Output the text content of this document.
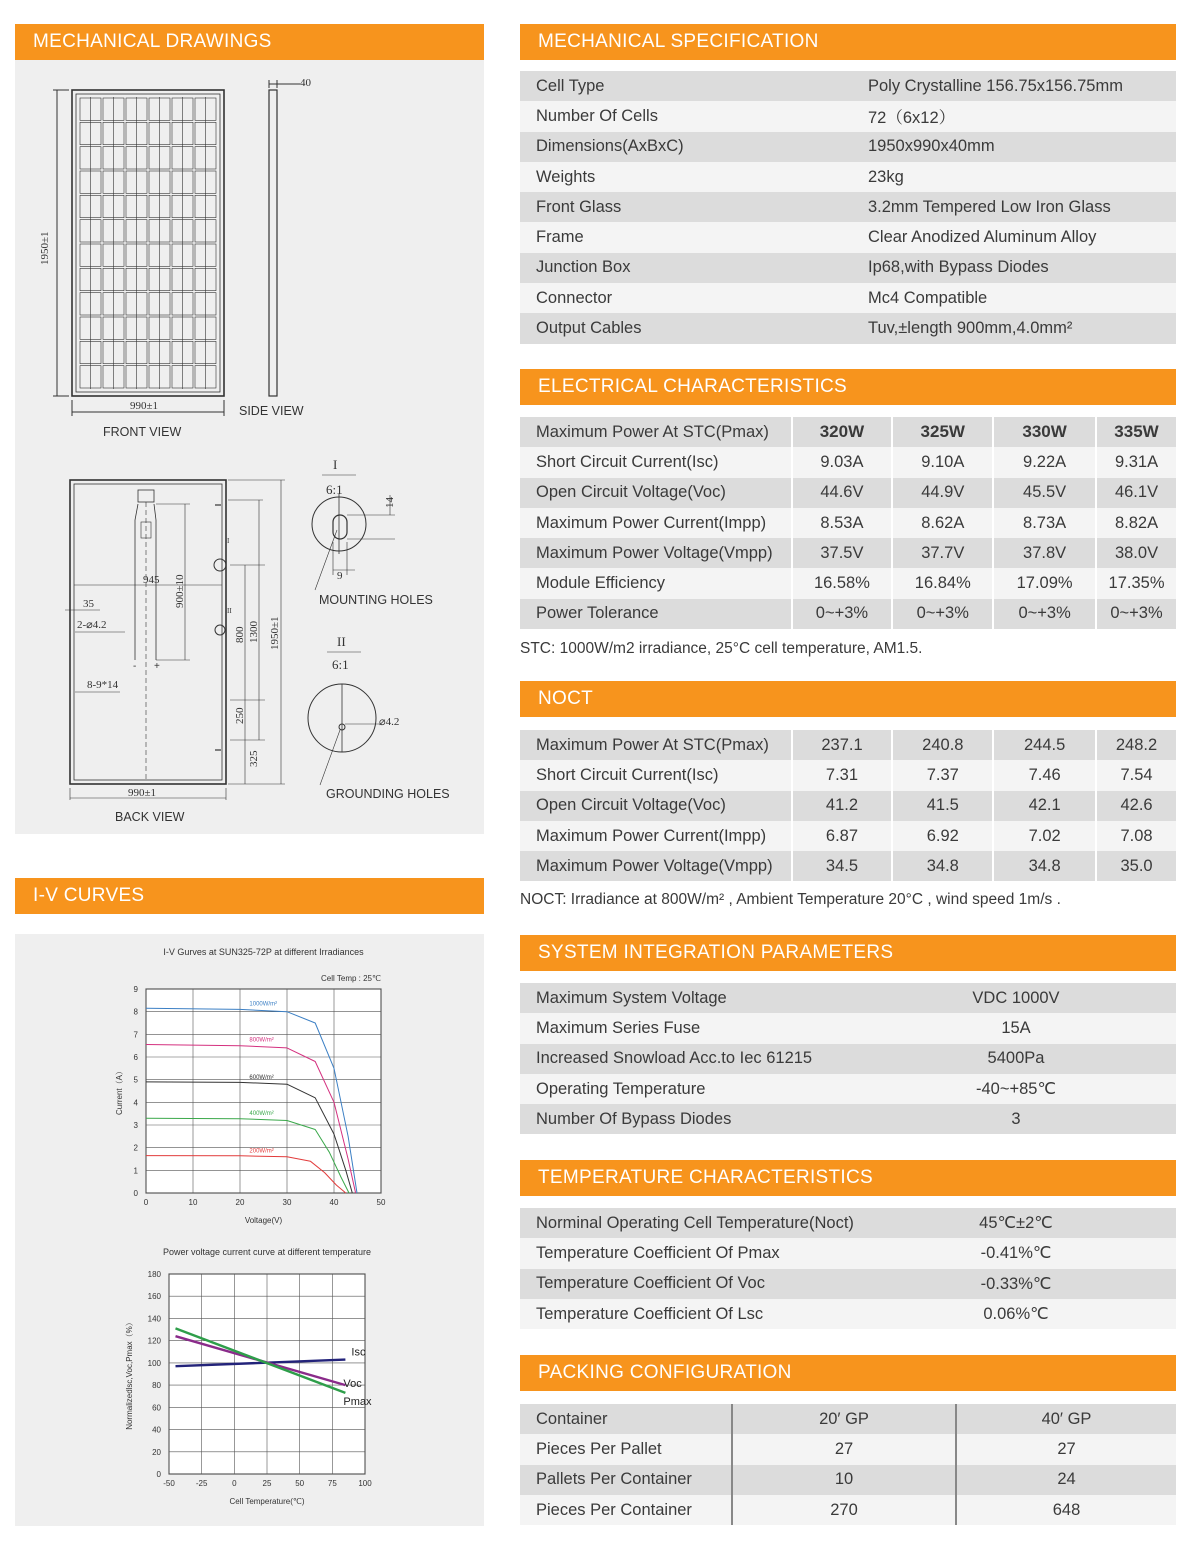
MECHANICAL DRAWINGS
40
1950±1
990±1	SIDE VIEW
FRONT VIEW
945 900±10
35
2-⌀4.2
8-9*14
800 1300 1950±1
250
325
I
II
- +
990±1
BACK VIEW
I
6:1
14
9
MOUNTING HOLES
II
6:1
⌀4.2
GROUNDING HOLES
I-V CURVES
I-V Gurves at SUN325-72P at different Irradiances
Cell Temp : 25℃
0	10	20	30	40	50
0
1
2
3
4
5
6
7
8
9
Voltage(V)
Current（A）
1000W/m²
800W/m²
600W/m²
400W/m²
200W/m²
Power voltage current curve at different temperature
-50	-25	0	25	50	75	100
0
20
40
60
80
100
120
140
160
180
Cell Temperature(℃)
Normalizedlsc,Voc,Pmax（%）	Isc
Voc
Pmax
MECHANICAL SPECIFICATION
Cell Type	Poly Crystalline 156.75x156.75mm
Number Of Cells	72（6x12）
Dimensions(AxBxC)	1950x990x40mm
Weights	23kg
Front Glass	3.2mm Tempered Low Iron Glass
Frame	Clear Anodized Aluminum Alloy
Junction Box	Ip68,with Bypass Diodes
Connector	Mc4 Compatible
Output Cables	Tuv,±length 900mm,4.0mm²
ELECTRICAL CHARACTERISTICS
Maximum Power At STC(Pmax)	320W	325W	330W	335W
Short Circuit Current(Isc)	9.03A	9.10A	9.22A	9.31A
Open Circuit Voltage(Voc)	44.6V	44.9V	45.5V	46.1V
Maximum Power Current(Impp)	8.53A	8.62A	8.73A	8.82A
Maximum Power Voltage(Vmpp)	37.5V	37.7V	37.8V	38.0V
Module Efficiency	16.58%	16.84%	17.09%	17.35%
Power Tolerance	0~+3%	0~+3%	0~+3%	0~+3%
STC: 1000W/m2 irradiance, 25°C cell temperature, AM1.5.
NOCT
Maximum Power At STC(Pmax)	237.1	240.8	244.5	248.2
Short Circuit Current(Isc)	7.31	7.37	7.46	7.54
Open Circuit Voltage(Voc)	41.2	41.5	42.1	42.6
Maximum Power Current(Impp)	6.87	6.92	7.02	7.08
Maximum Power Voltage(Vmpp)	34.5	34.8	34.8	35.0
NOCT: Irradiance at 800W/m² , Ambient Temperature 20°C , wind speed 1m/s .
SYSTEM INTEGRATION PARAMETERS
Maximum System Voltage	VDC 1000V
Maximum Series Fuse	15A
Increased Snowload Acc.to Iec 61215	5400Pa
Operating Temperature	-40~+85℃
Number Of Bypass Diodes	3
TEMPERATURE CHARACTERISTICS
Norminal Operating Cell Temperature(Noct)	45℃±2℃
Temperature Coefficient Of Pmax	-0.41%℃
Temperature Coefficient Of Voc	-0.33%℃
Temperature Coefficient Of Lsc	0.06%℃
PACKING CONFIGURATION
Container	20′ GP	40′ GP
Pieces Per Pallet	27	27
Pallets Per Container	10	24
Pieces Per Container	270	648
